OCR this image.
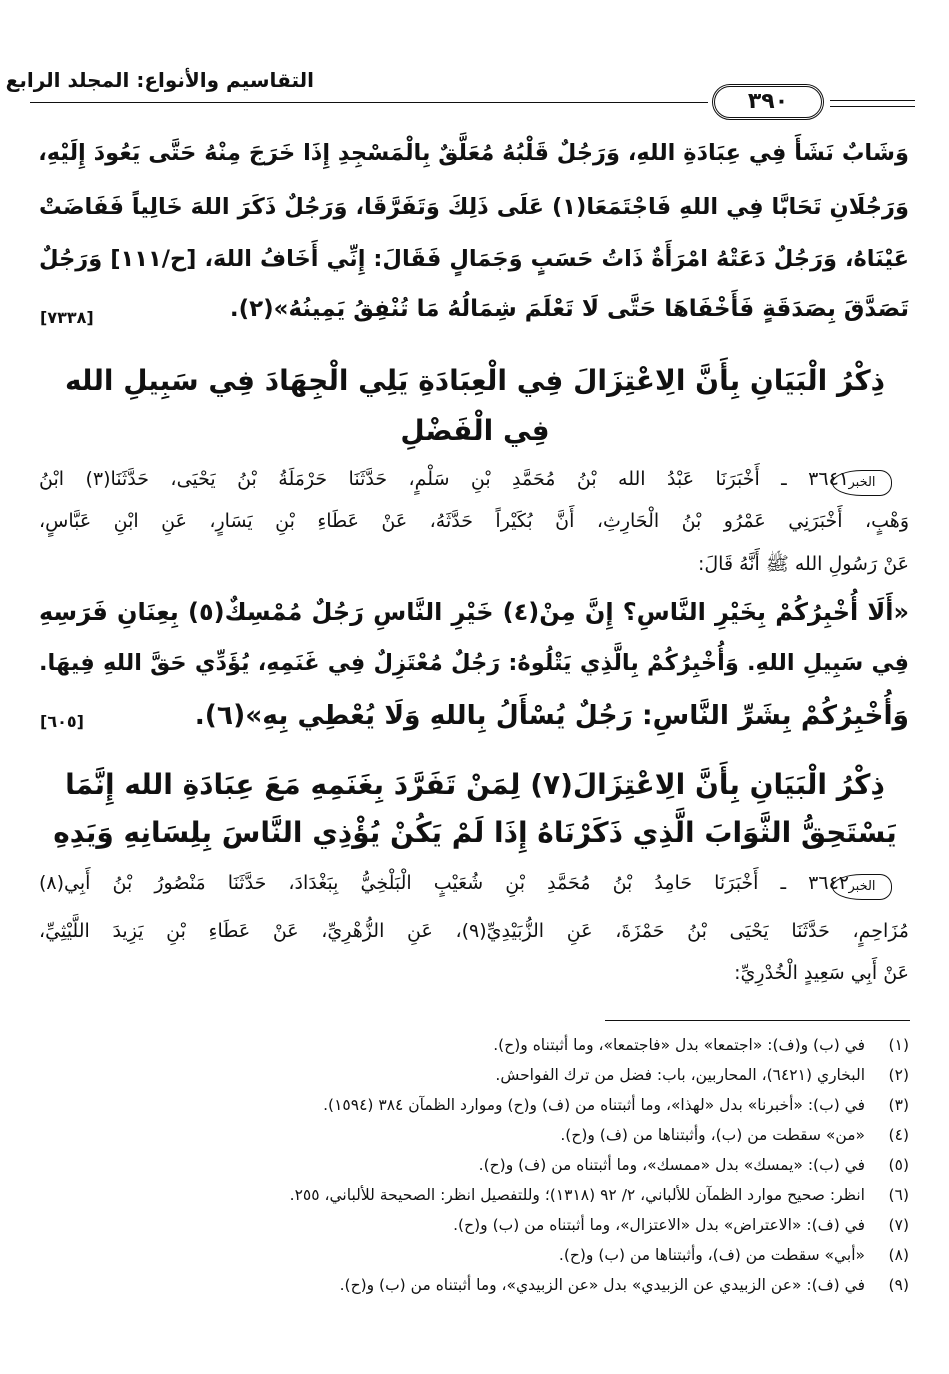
التقاسيم والأنواع: المجلد الرابع
٣٩٠
وَشَابٌ نَشَأَ فِي عِبَادَةِ اللهِ، وَرَجُلٌ قَلْبُهُ مُعَلَّقٌ بِالْمَسْجِدِ إِذَا خَرَجَ مِنْهُ حَتَّى يَعُودَ إِلَيْهِ،
وَرَجُلَانِ تَحَابَّا فِي اللهِ فَاجْتَمَعَا(١) عَلَى ذَلِكَ وَتَفَرَّقَا، وَرَجُلٌ ذَكَرَ اللهَ خَالِياً فَفَاضَتْ
عَيْنَاهُ، وَرَجُلٌ دَعَتْهُ امْرَأَةٌ ذَاتُ حَسَبٍ وَجَمَالٍ فَقَالَ: إِنِّي أَخَافُ اللهَ، [ح/١١١] وَرَجُلٌ
تَصَدَّقَ بِصَدَقَةٍ فَأَخْفَاهَا حَتَّى لَا تَعْلَمَ شِمَالُهُ مَا تُنْفِقُ يَمِينُهُ»(٢).
[٧٣٣٨]
ذِكْرُ الْبَيَانِ بِأَنَّ الِاعْتِزَالَ فِي الْعِبَادَةِ يَلِي الْجِهَادَ فِي سَبِيلِ الله
فِي الْفَضْلِ
الخبر
٣٦٤١ ـ أَخْبَرَنَا عَبْدُ الله بْنُ مُحَمَّدِ بْنِ سَلْمٍ، حَدَّثَنَا حَرْمَلَةُ بْنُ يَحْيَى، حَدَّثَنَا(٣) ابْنُ
وَهْبٍ، أَخْبَرَنِي عَمْرُو بْنُ الْحَارِثِ، أَنَّ بُكَيْراً حَدَّثَهُ، عَنْ عَطَاءِ بْنِ يَسَارٍ، عَنِ ابْنِ عَبَّاسٍ،
عَنْ رَسُولِ الله ﷺ أَنَّهُ قَالَ:
«أَلَا أُخْبِرُكُمْ بِخَيْرِ النَّاسِ؟ إِنَّ مِنْ(٤) خَيْرِ النَّاسِ رَجُلٌ مُمْسِكٌ(٥) بِعِنَانِ فَرَسِهِ
فِي سَبِيلِ اللهِ. وَأُخْبِرُكُمْ بِالَّذِي يَتْلُوهُ: رَجُلٌ مُعْتَزِلٌ فِي غَنَمِهِ، يُؤَدِّي حَقَّ اللهِ فِيهَا.
وَأُخْبِرُكُمْ بِشَرِّ النَّاسِ: رَجُلٌ يُسْأَلُ بِاللهِ وَلَا يُعْطِي بِهِ»(٦).
[٦٠٥]
ذِكْرُ الْبَيَانِ بِأَنَّ الِاعْتِزَالَ(٧) لِمَنْ تَفَرَّدَ بِغَنَمِهِ مَعَ عِبَادَةِ الله إِنَّمَا
يَسْتَحِقُّ الثَّوَابَ الَّذِي ذَكَرْنَاهُ إِذَا لَمْ يَكُنْ يُؤْذِي النَّاسَ بِلِسَانِهِ وَيَدِهِ
الخبر
٣٦٤٢ ـ أَخْبَرَنَا حَامِدُ بْنُ مُحَمَّدِ بْنِ شُعَيْبٍ الْبَلْخِيُّ بِبَغْدَادَ، حَدَّثَنَا مَنْصُورُ بْنُ أَبِي(٨)
مُزَاحِمٍ، حَدَّثَنَا يَحْيَى بْنُ حَمْزَةَ، عَنِ الزُّبَيْدِيِّ(٩)، عَنِ الزُّهْرِيِّ، عَنْ عَطَاءِ بْنِ يَزِيدَ اللَّيْثِيِّ،
عَنْ أَبِي سَعِيدٍ الْخُدْرِيِّ:
(١)
في (ب) و(ف): «اجتمعا» بدل «فاجتمعا»، وما أثبتناه و(ح).
(٢)
البخاري (٦٤٢١)، المحاربين، باب: فضل من ترك الفواحش.
(٣)
في (ب): «أخبرنا» بدل «لهذا»، وما أثبتناه من (ف) و(ح) وموارد الظمآن ٣٨٤ (١٥٩٤).
(٤)
«من» سقطت من (ب)، وأثبتناها من (ف) و(ح).
(٥)
في (ب): «يمسك» بدل «ممسك»، وما أثبتناه من (ف) و(ح).
(٦)
انظر: صحيح موارد الظمآن للألباني، ٢/ ٩٢ (١٣١٨)؛ وللتفصيل انظر: الصحيحة للألباني، ٢٥٥.
(٧)
في (ف): «الاعتراض» بدل «الاعتزال»، وما أثبتناه من (ب) و(ح).
(٨)
«أبي» سقطت من (ف)، وأثبتناها من (ب) و(ح).
(٩)
في (ف): «عن الزبيدي عن الزبيدي» بدل «عن الزبيدي»، وما أثبتناه من (ب) و(ح).
